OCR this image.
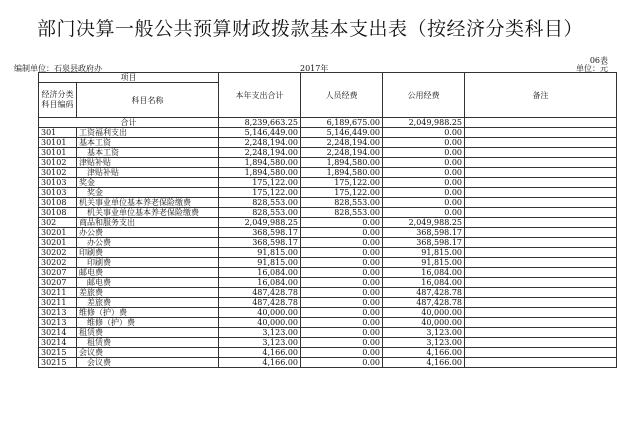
部门决算一般公共预算财政拨款基本支出表（按经济分类科目）
06表
编制单位：石泉县政府办	2017年	单位：元
项目		本年支出合计	人员经费	公用经费	备注
经济分类科目编码	科目名称				

合计		8,239,663.25	6,189,675.00	2,049,988.25	
301	工资福利支出	5,146,449.00	5,146,449.00	0.00	
30101	基本工资	2,248,194.00	2,248,194.00	0.00	
30101	基本工资	2,248,194.00	2,248,194.00	0.00	
30102	津贴补贴	1,894,580.00	1,894,580.00	0.00	
30102	津贴补贴	1,894,580.00	1,894,580.00	0.00	
30103	奖金	175,122.00	175,122.00	0.00	
30103	奖金	175,122.00	175,122.00	0.00	
30108	机关事业单位基本养老保险缴费	828,553.00	828,553.00	0.00	
30108	机关事业单位基本养老保险缴费	828,553.00	828,553.00	0.00	
302	商品和服务支出	2,049,988.25	0.00	2,049,988.25	
30201	办公费	368,598.17	0.00	368,598.17	
30201	办公费	368,598.17	0.00	368,598.17	
30202	印刷费	91,815.00	0.00	91,815.00	
30202	印刷费	91,815.00	0.00	91,815.00	
30207	邮电费	16,084.00	0.00	16,084.00	
30207	邮电费	16,084.00	0.00	16,084.00	
30211	差旅费	487,428.78	0.00	487,428.78	
30211	差旅费	487,428.78	0.00	487,428.78	
30213	维修（护）费	40,000.00	0.00	40,000.00	
30213	维修（护）费	40,000.00	0.00	40,000.00	
30214	租赁费	3,123.00	0.00	3,123.00	
30214	租赁费	3,123.00	0.00	3,123.00	
30215	会议费	4,166.00	0.00	4,166.00	
30215	会议费	4,166.00	0.00	4,166.00	
